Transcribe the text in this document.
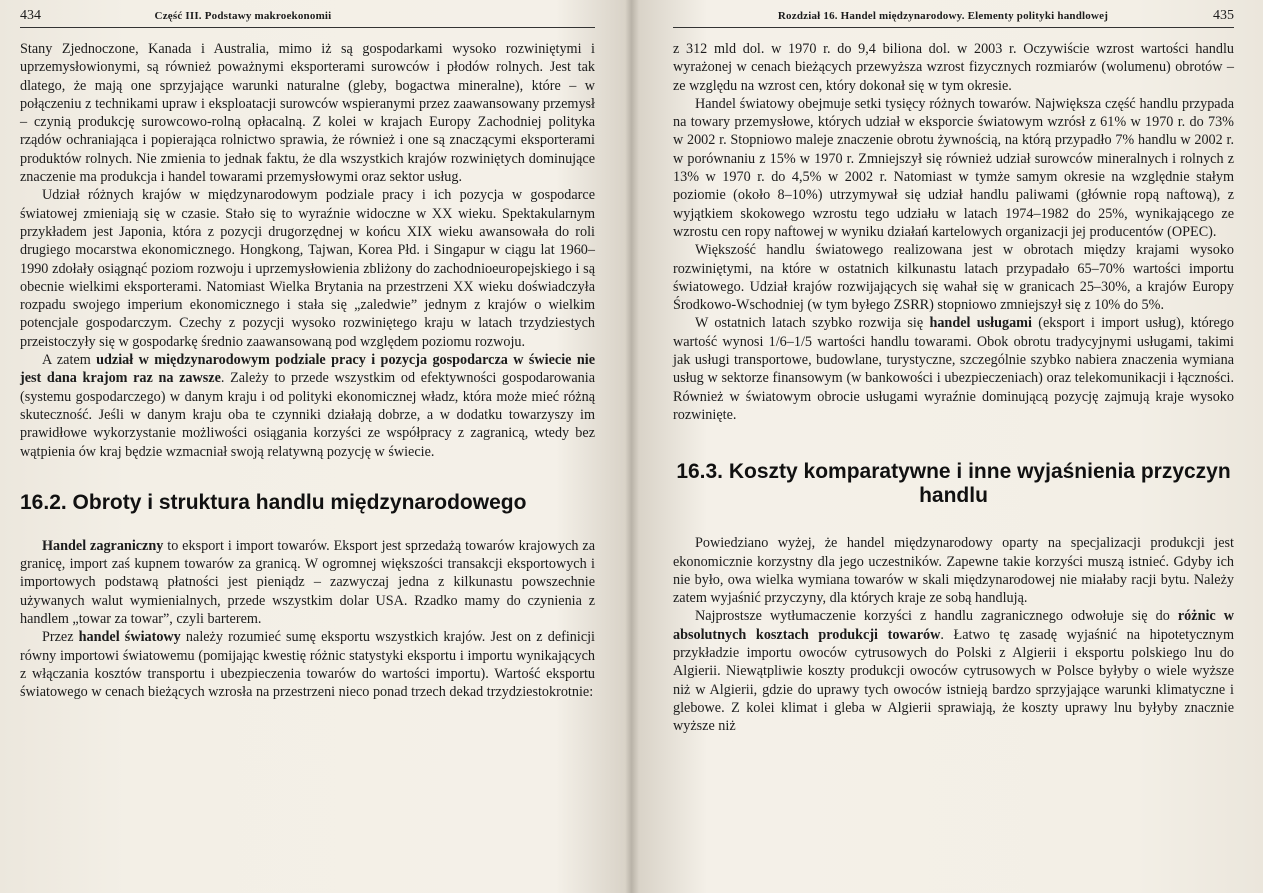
434	Część III. Podstawy makroekonomii

Stany Zjednoczone, Kanada i Australia, mimo iż są gospodarkami wysoko rozwiniętymi i uprzemysłowionymi, są również poważnymi eksporterami surowców i płodów rolnych. Jest tak dlatego, że mają one sprzyjające warunki naturalne (gleby, bogactwa mineralne), które – w połączeniu z technikami upraw i eksploatacji surowców wspieranymi przez zaawansowany przemysł – czynią produkcję surowcowo-rolną opłacalną. Z kolei w krajach Europy Zachodniej polityka rządów ochraniająca i popierająca rolnictwo sprawia, że również i one są znaczącymi eksporterami produktów rolnych. Nie zmienia to jednak faktu, że dla wszystkich krajów rozwiniętych dominujące znaczenie ma produkcja i handel towarami przemysłowymi oraz sektor usług.

Udział różnych krajów w międzynarodowym podziale pracy i ich pozycja w gospodarce światowej zmieniają się w czasie. Stało się to wyraźnie widoczne w XX wieku. Spektakularnym przykładem jest Japonia, która z pozycji drugorzędnej w końcu XIX wieku awansowała do roli drugiego mocarstwa ekonomicznego. Hongkong, Tajwan, Korea Płd. i Singapur w ciągu lat 1960–1990 zdołały osiągnąć poziom rozwoju i uprzemysłowienia zbliżony do zachodnioeuropejskiego i są obecnie wielkimi eksporterami. Natomiast Wielka Brytania na przestrzeni XX wieku doświadczyła rozpadu swojego imperium ekonomicznego i stała się „zaledwie” jednym z krajów o wielkim potencjale gospodarczym. Czechy z pozycji wysoko rozwiniętego kraju w latach trzydziestych przeistoczyły się w gospodarkę średnio zaawansowaną pod względem poziomu rozwoju.

A zatem udział w międzynarodowym podziale pracy i pozycja gospodarcza w świecie nie jest dana krajom raz na zawsze. Zależy to przede wszystkim od efektywności gospodarowania (systemu gospodarczego) w danym kraju i od polityki ekonomicznej władz, która może mieć różną skuteczność. Jeśli w danym kraju oba te czynniki działają dobrze, a w dodatku towarzyszy im prawidłowe wykorzystanie możliwości osiągania korzyści ze współpracy z zagranicą, wtedy bez wątpienia ów kraj będzie wzmacniał swoją relatywną pozycję w świecie.

16.2. Obroty i struktura handlu międzynarodowego

Handel zagraniczny to eksport i import towarów. Eksport jest sprzedażą towarów krajowych za granicę, import zaś kupnem towarów za granicą. W ogromnej większości transakcji eksportowych i importowych podstawą płatności jest pieniądz – zazwyczaj jedna z kilkunastu powszechnie używanych walut wymienialnych, przede wszystkim dolar USA. Rzadko mamy do czynienia z handlem „towar za towar”, czyli barterem.

Przez handel światowy należy rozumieć sumę eksportu wszystkich krajów. Jest on z definicji równy importowi światowemu (pomijając kwestię różnic statystyki eksportu i importu wynikających z włączania kosztów transportu i ubezpieczenia towarów do wartości importu). Wartość eksportu światowego w cenach bieżących wzrosła na przestrzeni nieco ponad trzech dekad trzydziestokrotnie:

Rozdział 16. Handel międzynarodowy. Elementy polityki handlowej	435

z 312 mld dol. w 1970 r. do 9,4 biliona dol. w 2003 r. Oczywiście wzrost wartości handlu wyrażonej w cenach bieżących przewyższa wzrost fizycznych rozmiarów (wolumenu) obrotów – ze względu na wzrost cen, który dokonał się w tym okresie.

Handel światowy obejmuje setki tysięcy różnych towarów. Największa część handlu przypada na towary przemysłowe, których udział w eksporcie światowym wzrósł z 61% w 1970 r. do 73% w 2002 r. Stopniowo maleje znaczenie obrotu żywnością, na którą przypadło 7% handlu w 2002 r. w porównaniu z 15% w 1970 r. Zmniejszył się również udział surowców mineralnych i rolnych z 13% w 1970 r. do 4,5% w 2002 r. Natomiast w tymże samym okresie na względnie stałym poziomie (około 8–10%) utrzymywał się udział handlu paliwami (głównie ropą naftową), z wyjątkiem skokowego wzrostu tego udziału w latach 1974–1982 do 25%, wynikającego ze wzrostu cen ropy naftowej w wyniku działań kartelowych organizacji jej producentów (OPEC).

Większość handlu światowego realizowana jest w obrotach między krajami wysoko rozwiniętymi, na które w ostatnich kilkunastu latach przypadało 65–70% wartości importu światowego. Udział krajów rozwijających się wahał się w granicach 25–30%, a krajów Europy Środkowo-Wschodniej (w tym byłego ZSRR) stopniowo zmniejszył się z 10% do 5%.

W ostatnich latach szybko rozwija się handel usługami (eksport i import usług), którego wartość wynosi 1/6–1/5 wartości handlu towarami. Obok obrotu tradycyjnymi usługami, takimi jak usługi transportowe, budowlane, turystyczne, szczególnie szybko nabiera znaczenia wymiana usług w sektorze finansowym (w bankowości i ubezpieczeniach) oraz telekomunikacji i łączności. Również w światowym obrocie usługami wyraźnie dominującą pozycję zajmują kraje wysoko rozwinięte.

16.3. Koszty komparatywne i inne wyjaśnienia przyczyn handlu

Powiedziano wyżej, że handel międzynarodowy oparty na specjalizacji produkcji jest ekonomicznie korzystny dla jego uczestników. Zapewne takie korzyści muszą istnieć. Gdyby ich nie było, owa wielka wymiana towarów w skali międzynarodowej nie miałaby racji bytu. Należy zatem wyjaśnić przyczyny, dla których kraje ze sobą handlują.

Najprostsze wytłumaczenie korzyści z handlu zagranicznego odwołuje się do różnic w absolutnych kosztach produkcji towarów. Łatwo tę zasadę wyjaśnić na hipotetycznym przykładzie importu owoców cytrusowych do Polski z Algierii i eksportu polskiego lnu do Algierii. Niewątpliwie koszty produkcji owoców cytrusowych w Polsce byłyby o wiele wyższe niż w Algierii, gdzie do uprawy tych owoców istnieją bardzo sprzyjające warunki klimatyczne i glebowe. Z kolei klimat i gleba w Algierii sprawiają, że koszty uprawy lnu byłyby znacznie wyższe niż
